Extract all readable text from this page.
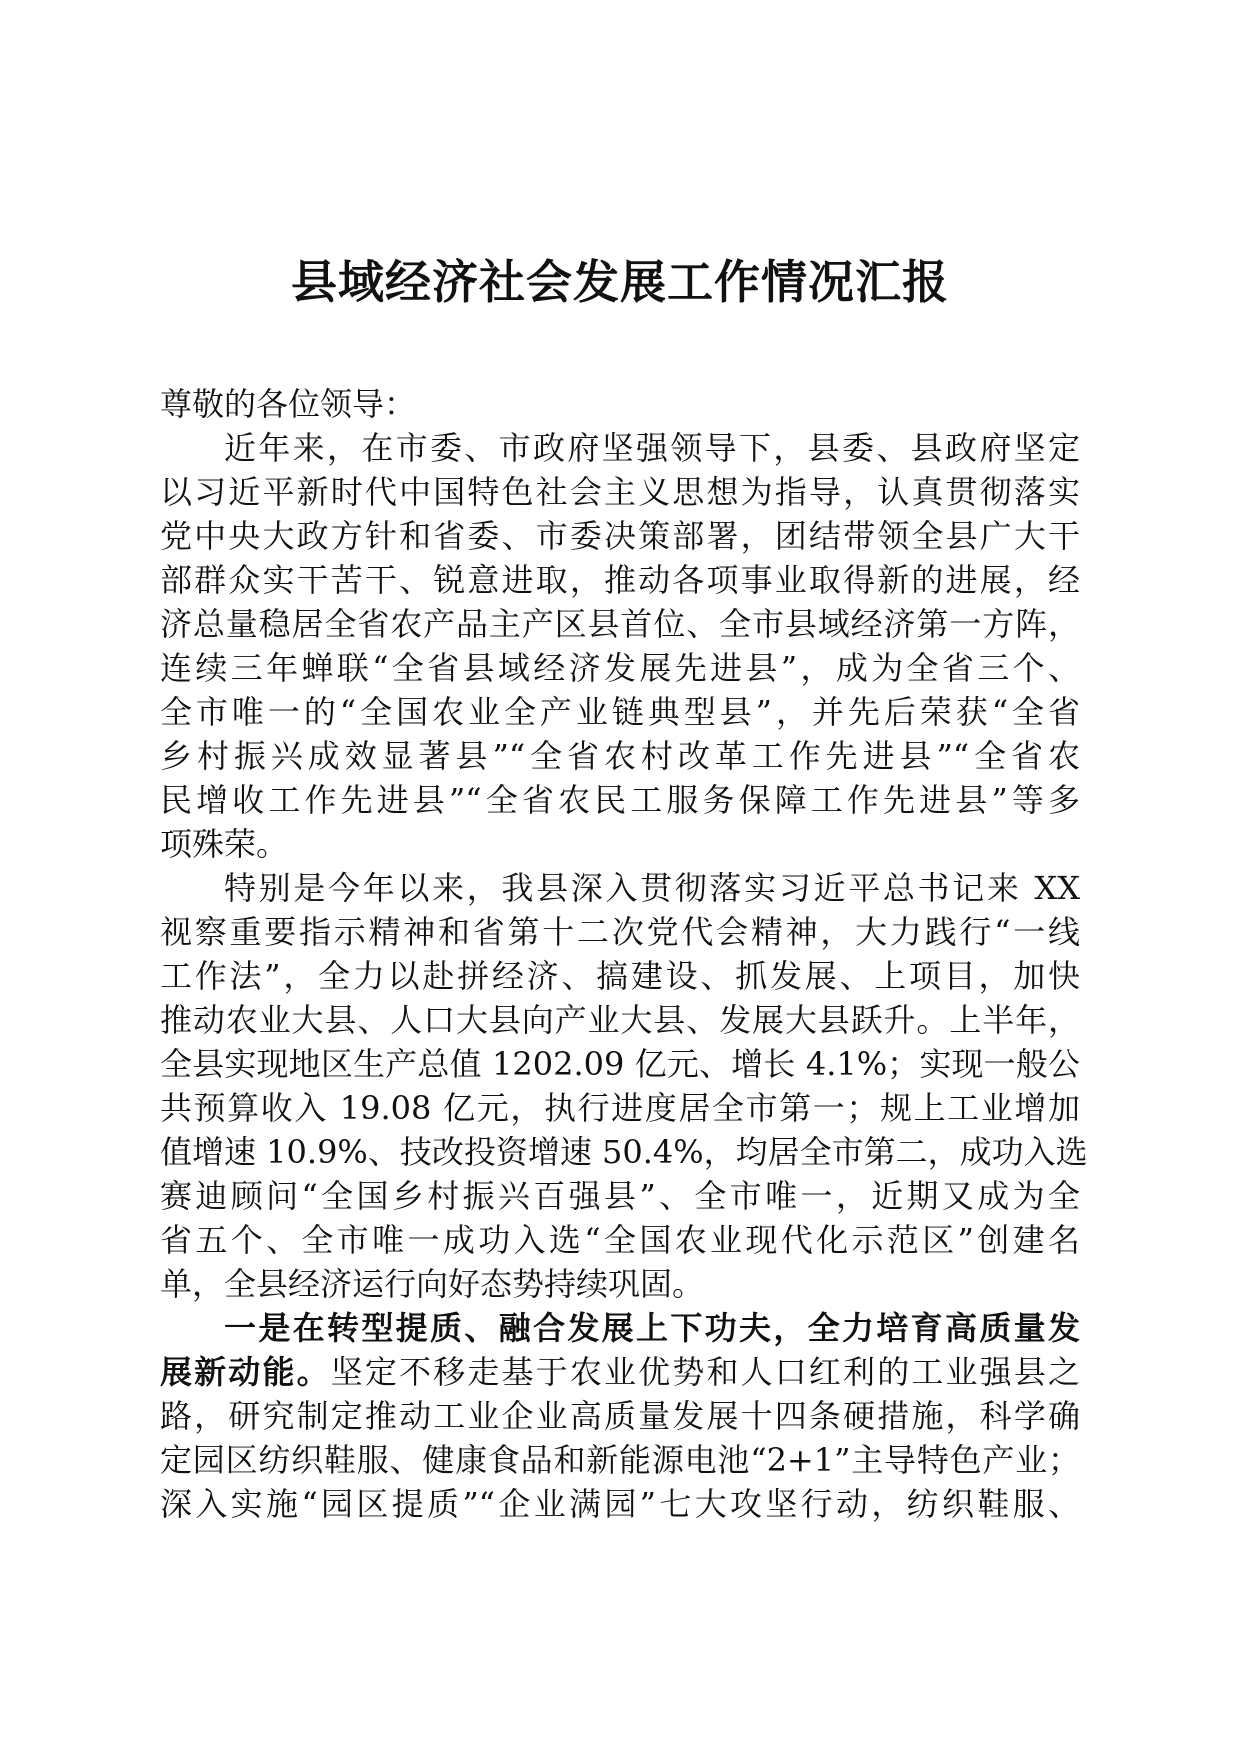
县域经济社会发展工作情况汇报
尊敬的各位领导：
近年来，在市委、市政府坚强领导下，县委、县政府坚定
以习近平新时代中国特色社会主义思想为指导，认真贯彻落实
党中央大政方针和省委、市委决策部署，团结带领全县广大干
部群众实干苦干、锐意进取，推动各项事业取得新的进展，经
济总量稳居全省农产品主产区县首位、全市县域经济第一方阵，
连续三年蝉联“全省县域经济发展先进县”，成为全省三个、
全市唯一的“全国农业全产业链典型县”，并先后荣获“全省
乡村振兴成效显著县”“全省农村改革工作先进县”“全省农
民增收工作先进县”“全省农民工服务保障工作先进县”等多
项殊荣。
特别是今年以来，我县深入贯彻落实习近平总书记来 XX
视察重要指示精神和省第十二次党代会精神，大力践行“一线
工作法”，全力以赴拼经济、搞建设、抓发展、上项目，加快
推动农业大县、人口大县向产业大县、发展大县跃升。上半年，
全县实现地区生产总值 1202.09 亿元、增长 4.1%；实现一般公
共预算收入 19.08 亿元，执行进度居全市第一；规上工业增加
值增速 10.9%、技改投资增速 50.4%，均居全市第二，成功入选
赛迪顾问“全国乡村振兴百强县”、全市唯一，近期又成为全
省五个、全市唯一成功入选“全国农业现代化示范区”创建名
单，全县经济运行向好态势持续巩固。
一是在转型提质、融合发展上下功夫，全力培育高质量发
展新动能。坚定不移走基于农业优势和人口红利的工业强县之
路，研究制定推动工业企业高质量发展十四条硬措施，科学确
定园区纺织鞋服、健康食品和新能源电池“2+1”主导特色产业；
深入实施“园区提质”“企业满园”七大攻坚行动，纺织鞋服、
